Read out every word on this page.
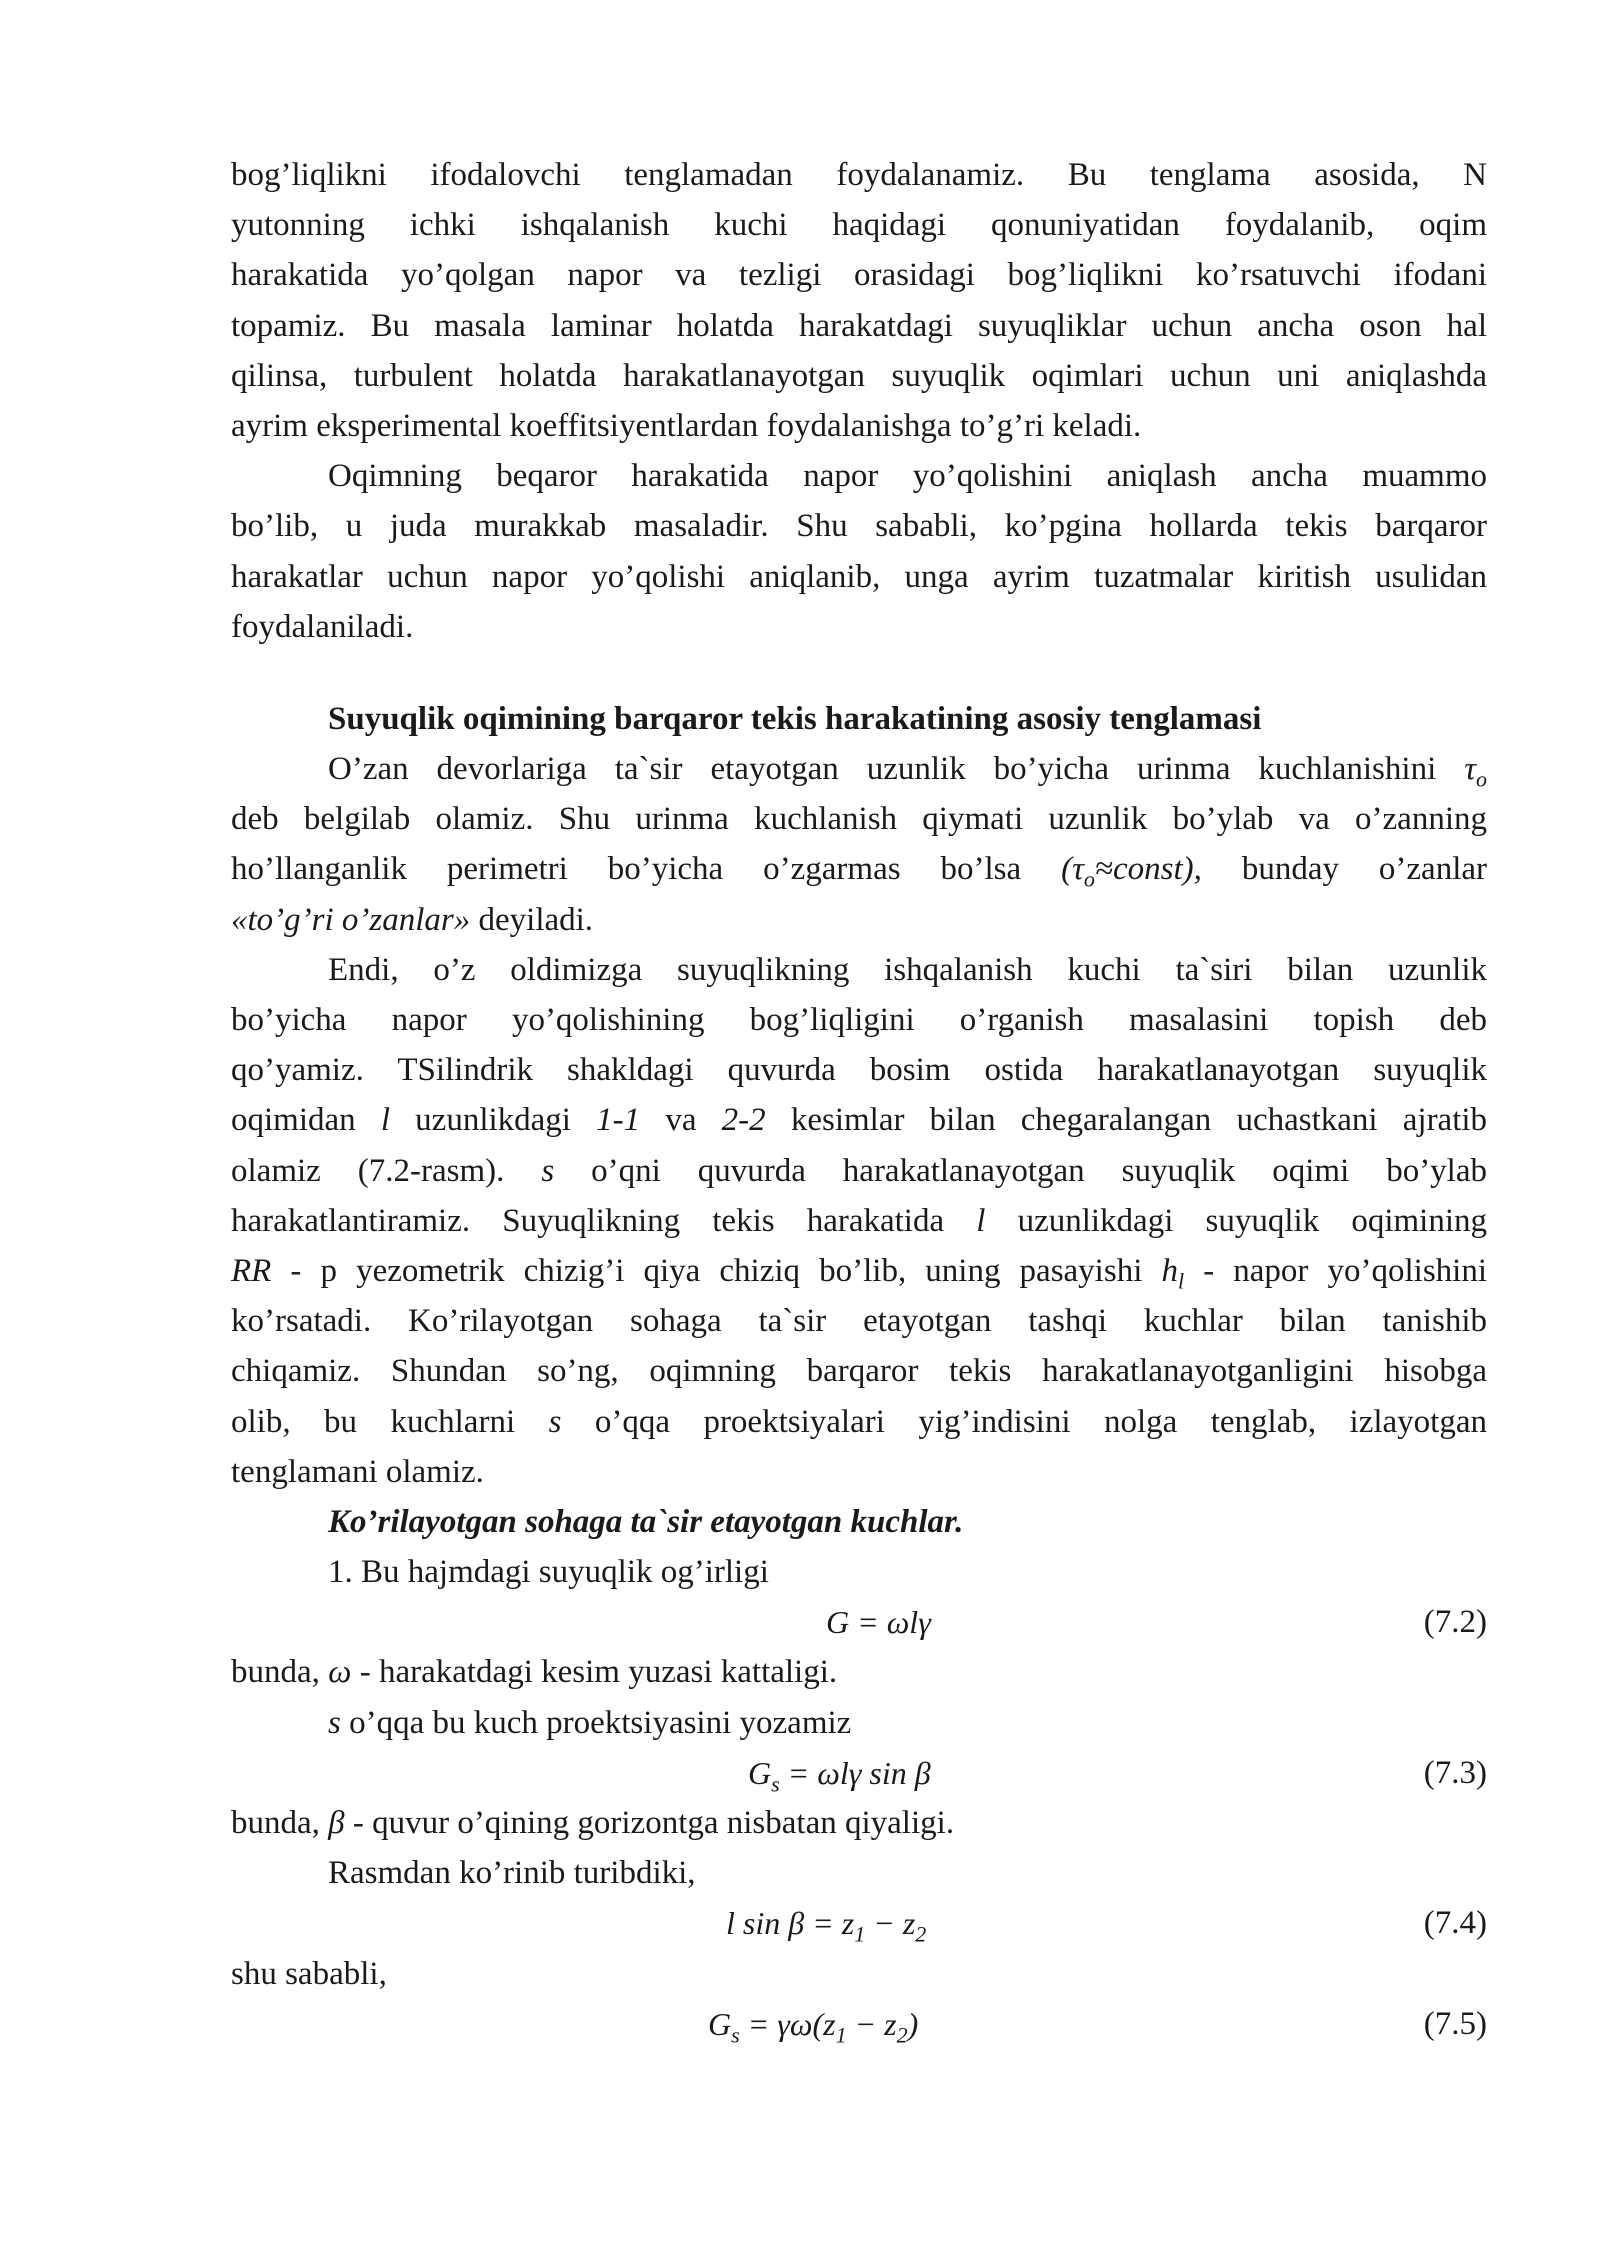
bog’liqlikni ifodalovchi tenglamadan foydalanamiz. Bu tenglama asosida, N
yutonning ichki ishqalanish kuchi haqidagi qonuniyatidan foydalanib, oqim
harakatida yo’qolgan napor va tezligi orasidagi bog’liqlikni ko’rsatuvchi ifodani
topamiz. Bu masala laminar holatda harakatdagi suyuqliklar uchun ancha oson hal
qilinsa, turbulent holatda harakatlanayotgan suyuqlik oqimlari uchun uni aniqlashda
ayrim eksperimental koeffitsiyentlardan foydalanishga to’g’ri keladi.
Oqimning beqaror harakatida napor yo’qolishini aniqlash ancha muammo
bo’lib, u juda murakkab masaladir. Shu sababli, ko’pgina hollarda tekis barqaror
harakatlar uchun napor yo’qolishi aniqlanib, unga ayrim tuzatmalar kiritish usulidan
foydalaniladi.
Suyuqlik oqimining barqaror tekis harakatining asosiy tenglamasi
O’zan devorlariga ta`sir etayotgan uzunlik bo’yicha urinma kuchlanishini $\tau_o$
deb belgilab olamiz. Shu urinma kuchlanish qiymati uzunlik bo’ylab va o’zanning
ho’llanganlik perimetri bo’yicha o’zgarmas bo’lsa $(\tau_o\approx const)$, bunday o’zanlar
«to’g’ri o’zanlar» deyiladi.
Endi, o’z oldimizga suyuqlikning ishqalanish kuchi ta`siri bilan uzunlik
bo’yicha napor yo’qolishining bog’liqligini o’rganish masalasini topish deb
qo’yamiz. TSilindrik shakldagi quvurda bosim ostida harakatlanayotgan suyuqlik
oqimidan l uzunlikdagi 1-1 va 2-2 kesimlar bilan chegaralangan uchastkani ajratib
olamiz (7.2-rasm). s o’qni quvurda harakatlanayotgan suyuqlik oqimi bo’ylab
harakatlantiramiz. Suyuqlikning tekis harakatida l uzunlikdagi suyuqlik oqimining
RR - p yezometrik chizig’i qiya chiziq bo’lib, uning pasayishi $h_l$ - napor yo’qolishini
ko’rsatadi. Ko’rilayotgan sohaga ta`sir etayotgan tashqi kuchlar bilan tanishib
chiqamiz. Shundan so’ng, oqimning barqaror tekis harakatlanayotganligini hisobga
olib, bu kuchlarni s o’qqa proektsiyalari yig’indisini nolga tenglab, izlayotgan
tenglamani olamiz.
Ko’rilayotgan sohaga ta`sir etayotgan kuchlar.
1. Bu hajmdagi suyuqlik og’irligi
G = ωlγ	(7.2)
bunda, ω - harakatdagi kesim yuzasi kattaligi.
s o’qqa bu kuch proektsiyasini yozamiz
$G_s = \omega l\gamma$ sin β	(7.3)
bunda, β - quvur o’qining gorizontga nisbatan qiyaligi.
Rasmdan ko’rinib turibdiki,
l $\sin \beta = z_1 - z_2$	(7.4)
shu sababli,
$G_s = \gamma\omega(z_1 - z_2)$	(7.5)
